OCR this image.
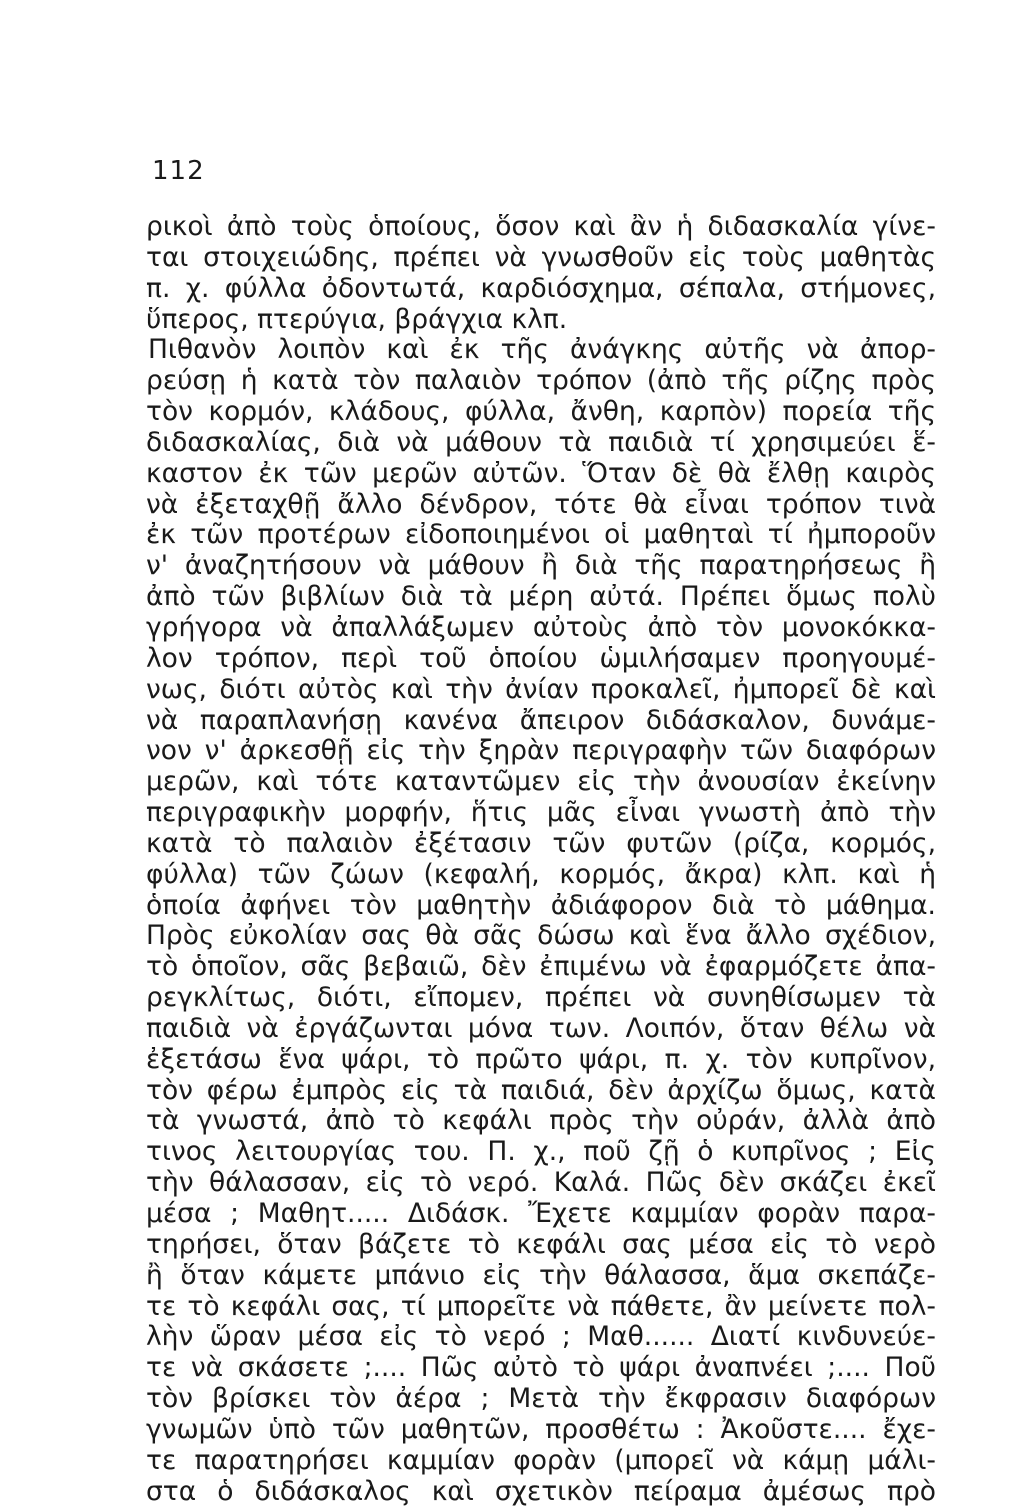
112
ρικοὶ ἀπὸ τοὺς ὁποίους, ὅσον καὶ ἂν ἡ διδασκαλία γίνε-
ται στοιχειώδης, πρέπει νὰ γνωσθοῦν εἰς τοὺς μαθητὰς
π. χ. φύλλα ὀδοντωτά, καρδιόσχημα, σέπαλα, στήμονες,
ὕπερος, πτερύγια, βράγχια κλπ.
Πιθανὸν λοιπὸν καὶ ἐκ τῆς ἀνάγκης αὐτῆς νὰ ἀπορ-
ρεύσῃ ἡ κατὰ τὸν παλαιὸν τρόπον (ἀπὸ τῆς ρίζης πρὸς
τὸν κορμόν, κλάδους, φύλλα, ἄνθη, καρπὸν) πορεία τῆς
διδασκαλίας, διὰ νὰ μάθουν τὰ παιδιὰ τί χρησιμεύει ἕ-
καστον ἐκ τῶν μερῶν αὐτῶν. Ὅταν δὲ θὰ ἔλθῃ καιρὸς
νὰ ἐξεταχθῇ ἄλλο δένδρον, τότε θὰ εἶναι τρόπον τινὰ
ἐκ τῶν προτέρων εἰδοποιημένοι οἱ μαθηταὶ τί ἠμποροῦν
ν' ἀναζητήσουν νὰ μάθουν ἢ διὰ τῆς παρατηρήσεως ἢ
ἀπὸ τῶν βιβλίων διὰ τὰ μέρη αὐτά. Πρέπει ὅμως πολὺ
γρήγορα νὰ ἀπαλλάξωμεν αὐτοὺς ἀπὸ τὸν μονοκόκκα-
λον τρόπον, περὶ τοῦ ὁποίου ὡμιλήσαμεν προηγουμέ-
νως, διότι αὐτὸς καὶ τὴν ἀνίαν προκαλεῖ, ἠμπορεῖ δὲ καὶ
νὰ παραπλανήσῃ κανένα ἄπειρον διδάσκαλον, δυνάμε-
νον ν' ἀρκεσθῇ εἰς τὴν ξηρὰν περιγραφὴν τῶν διαφόρων
μερῶν, καὶ τότε καταντῶμεν εἰς τὴν ἀνουσίαν ἐκείνην
περιγραφικὴν μορφήν, ἥτις μᾶς εἶναι γνωστὴ ἀπὸ τὴν
κατὰ τὸ παλαιὸν ἐξέτασιν τῶν φυτῶν (ρίζα, κορμός,
φύλλα) τῶν ζώων (κεφαλή, κορμός, ἄκρα) κλπ. καὶ ἡ
ὁποία ἀφήνει τὸν μαθητὴν ἀδιάφορον διὰ τὸ μάθημα.
Πρὸς εὐκολίαν σας θὰ σᾶς δώσω καὶ ἕνα ἄλλο σχέδιον,
τὸ ὁποῖον, σᾶς βεβαιῶ, δὲν ἐπιμένω νὰ ἐφαρμόζετε ἀπα-
ρεγκλίτως, διότι, εἴπομεν, πρέπει νὰ συνηθίσωμεν τὰ
παιδιὰ νὰ ἐργάζωνται μόνα των. Λοιπόν, ὅταν θέλω νὰ
ἐξετάσω ἕνα ψάρι, τὸ πρῶτο ψάρι, π. χ. τὸν κυπρῖνον,
τὸν φέρω ἐμπρὸς εἰς τὰ παιδιά, δὲν ἀρχίζω ὅμως, κατὰ
τὰ γνωστά, ἀπὸ τὸ κεφάλι πρὸς τὴν οὐράν, ἀλλὰ ἀπὸ
τινος λειτουργίας του. Π. χ., ποῦ ζῇ ὁ κυπρῖνος ; Εἰς
τὴν θάλασσαν, εἰς τὸ νερό. Καλά. Πῶς δὲν σκάζει ἐκεῖ
μέσα ; Μαθητ..... Διδάσκ. Ἔχετε καμμίαν φορὰν παρα-
τηρήσει, ὅταν βάζετε τὸ κεφάλι σας μέσα εἰς τὸ νερὸ
ἢ ὅταν κάμετε μπάνιο εἰς τὴν θάλασσα, ἅμα σκεπάζε-
τε τὸ κεφάλι σας, τί μπορεῖτε νὰ πάθετε, ἂν μείνετε πολ-
λὴν ὥραν μέσα εἰς τὸ νερό ; Μαθ...... Διατί κινδυνεύε-
τε νὰ σκάσετε ;.... Πῶς αὐτὸ τὸ ψάρι ἀναπνέει ;.... Ποῦ
τὸν βρίσκει τὸν ἀέρα ; Μετὰ τὴν ἔκφρασιν διαφόρων
γνωμῶν ὑπὸ τῶν μαθητῶν, προσθέτω : Ἀκοῦστε.... ἔχε-
τε παρατηρήσει καμμίαν φορὰν (μπορεῖ νὰ κάμῃ μάλι-
στα ὁ διδάσκαλος καὶ σχετικὸν πείραμα ἀμέσως πρὸ
